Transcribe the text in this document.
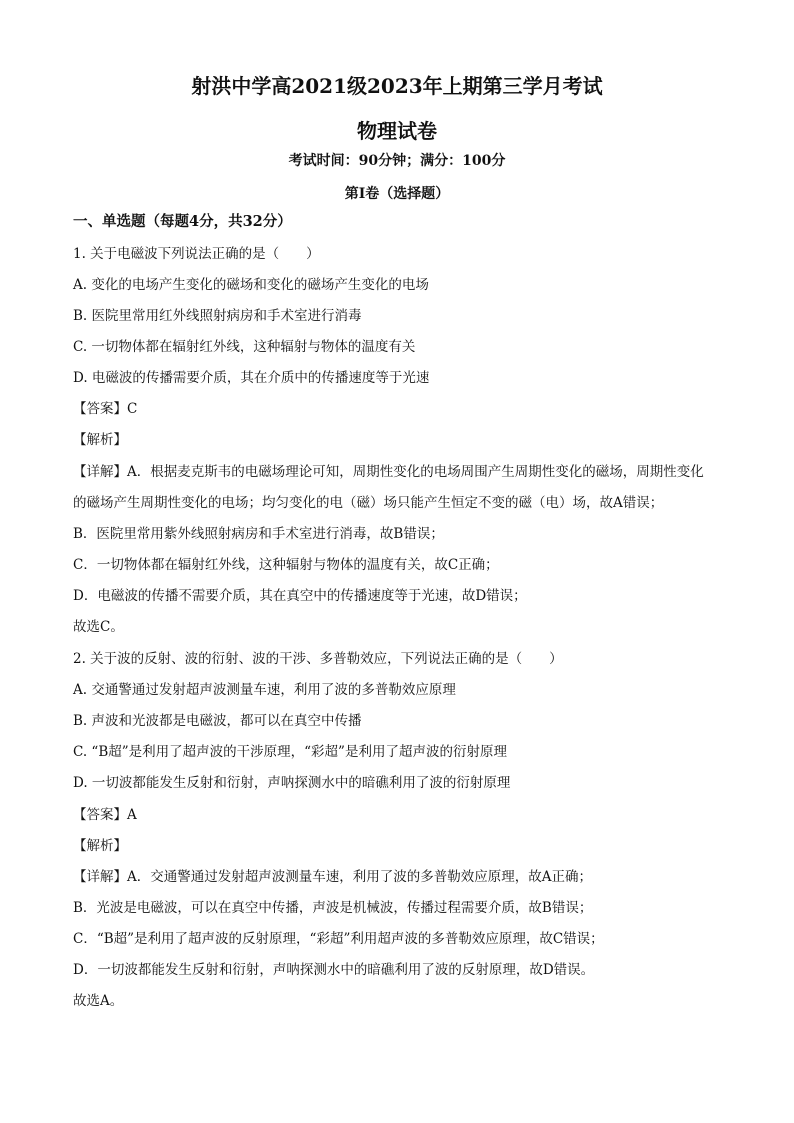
射洪中学高2021级2023年上期第三学月考试
物理试卷
考试时间：90分钟；满分：100分
第I卷（选择题）
一、单选题（每题4分，共32分）
1. 关于电磁波下列说法正确的是（　　）
A. 变化的电场产生变化的磁场和变化的磁场产生变化的电场
B. 医院里常用红外线照射病房和手术室进行消毒
C. 一切物体都在辐射红外线，这种辐射与物体的温度有关
D. 电磁波的传播需要介质，其在介质中的传播速度等于光速
【答案】C
【解析】
【详解】A．根据麦克斯韦的电磁场理论可知，周期性变化的电场周围产生周期性变化的磁场，周期性变化
的磁场产生周期性变化的电场；均匀变化的电（磁）场只能产生恒定不变的磁（电）场，故A错误；
B．医院里常用紫外线照射病房和手术室进行消毒，故B错误；
C．一切物体都在辐射红外线，这种辐射与物体的温度有关，故C正确；
D．电磁波的传播不需要介质，其在真空中的传播速度等于光速，故D错误；
故选C。
2. 关于波的反射、波的衍射、波的干涉、多普勒效应，下列说法正确的是（　　）
A. 交通警通过发射超声波测量车速，利用了波的多普勒效应原理
B. 声波和光波都是电磁波，都可以在真空中传播
C. “B超”是利用了超声波的干涉原理，“彩超”是利用了超声波的衍射原理
D. 一切波都能发生反射和衍射，声呐探测水中的暗礁利用了波的衍射原理
【答案】A
【解析】
【详解】A．交通警通过发射超声波测量车速，利用了波的多普勒效应原理，故A正确；
B．光波是电磁波，可以在真空中传播，声波是机械波，传播过程需要介质，故B错误；
C．“B超”是利用了超声波的反射原理，“彩超”利用超声波的多普勒效应原理，故C错误；
D．一切波都能发生反射和衍射，声呐探测水中的暗礁利用了波的反射原理，故D错误。
故选A。
